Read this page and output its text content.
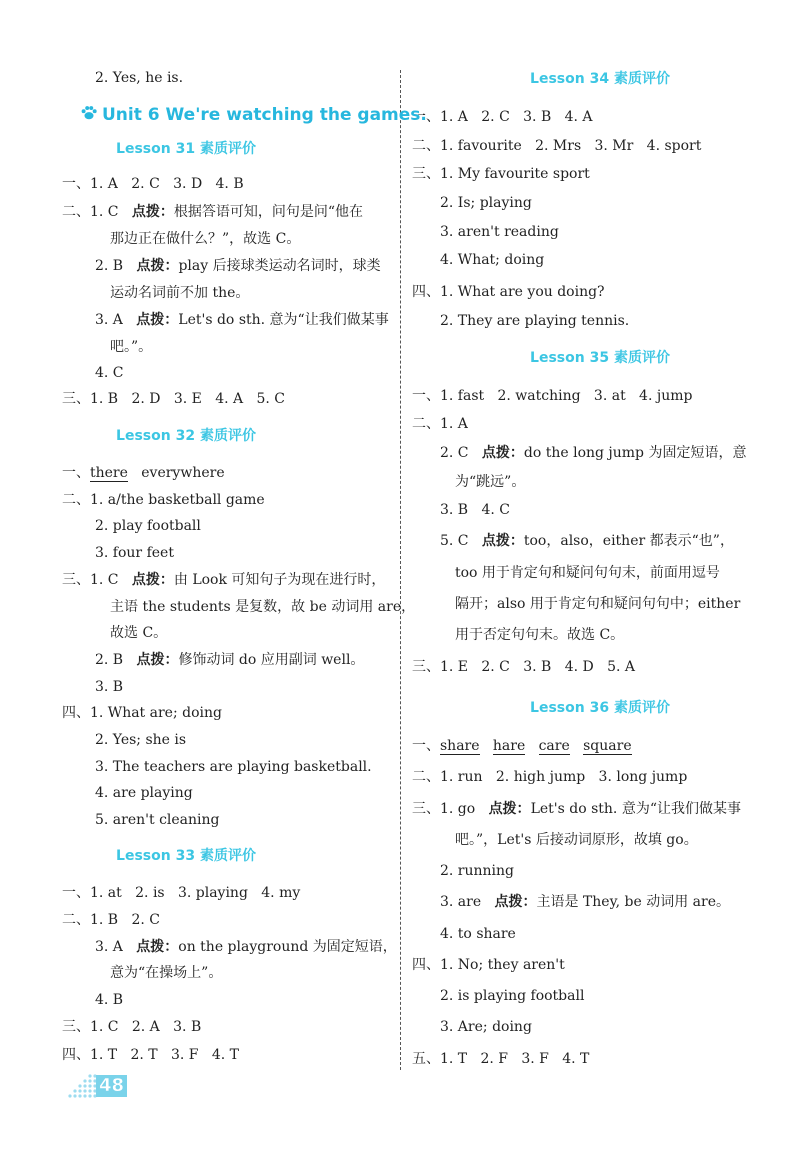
2. Yes, he is.
Lesson 31 素质评价
一、1. A   2. C   3. D   4. B
二、1. C   点拨：根据答语可知，问句是问“他在
那边正在做什么？”，故选 C。
2. B   点拨：play 后接球类运动名词时，球类
运动名词前不加 the。
3. A   点拨：Let's do sth. 意为“让我们做某事
吧。”。
4. C
三、1. B   2. D   3. E   4. A   5. C
Lesson 32 素质评价
一、there   everywhere
二、1. a/the basketball game
2. play football
3. four feet
三、1. C   点拨：由 Look 可知句子为现在进行时，
主语 the students 是复数，故 be 动词用 are，
故选 C。
2. B   点拨：修饰动词 do 应用副词 well。
3. B
四、1. What are; doing
2. Yes; she is
3. The teachers are playing basketball.
4. are playing
5. aren't cleaning
Lesson 33 素质评价
一、1. at   2. is   3. playing   4. my
二、1. B   2. C
3. A   点拨：on the playground 为固定短语，
意为“在操场上”。
4. B
三、1. C   2. A   3. B
四、1. T   2. T   3. F   4. T
Lesson 34 素质评价
一、1. A   2. C   3. B   4. A
二、1. favourite   2. Mrs   3. Mr   4. sport
三、1. My favourite sport
2. Is; playing
3. aren't reading
4. What; doing
四、1. What are you doing?
2. They are playing tennis.
Lesson 35 素质评价
一、1. fast   2. watching   3. at   4. jump
二、1. A
2. C   点拨：do the long jump 为固定短语，意
为“跳远”。
3. B   4. C
5. C   点拨：too，also，either 都表示“也”，
too 用于肯定句和疑问句句末，前面用逗号
隔开；also 用于肯定句和疑问句句中；either
用于否定句句末。故选 C。
三、1. E   2. C   3. B   4. D   5. A
Lesson 36 素质评价
一、share hare care square
二、1. run   2. high jump   3. long jump
三、1. go   点拨：Let's do sth. 意为“让我们做某事
吧。”，Let's 后接动词原形，故填 go。
2. running
3. are   点拨：主语是 They, be 动词用 are。
4. to share
四、1. No; they aren't
2. is playing football
3. Are; doing
五、1. T   2. F   3. F   4. T
Unit 6 We're watching the games.
48
